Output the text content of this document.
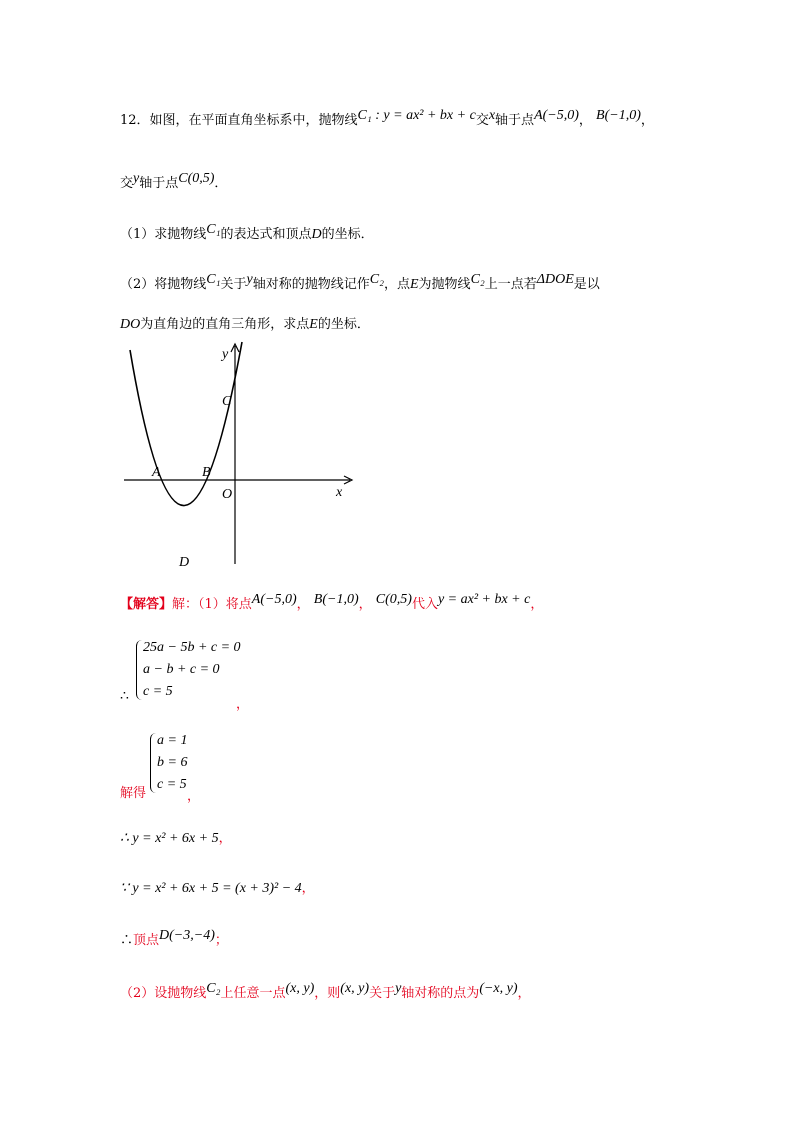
12．如图，在平面直角坐标系中，抛物线C₁ : y = ax² + bx + c交x轴于点A(−5,0)， B(−1,0)，
交y轴于点C(0,5)．
（1）求抛物线C₁的表达式和顶点D的坐标．
（2）将抛物线C₁关于y轴对称的抛物线记作C₂，点E为抛物线C₂上一点若ΔDOE是以
DO为直角边的直角三角形，求点E的坐标．
y
x
C
A	B
O
D
【解答】解：（1）将点A(−5,0)， B(−1,0)， C(0,5)代入y = ax² + bx + c，
25a − 5b + c = 0
a − b + c = 0
c = 5
∴
，
a = 1
b = 6
c = 5
解得	，
∴ y = x² + 6x + 5，
∵ y = x² + 6x + 5 = (x + 3)² − 4，
∴顶点D(−3,−4)；
（2）设抛物线C₂上任意一点(x, y)，则(x, y)关于y轴对称的点为(−x, y)，
